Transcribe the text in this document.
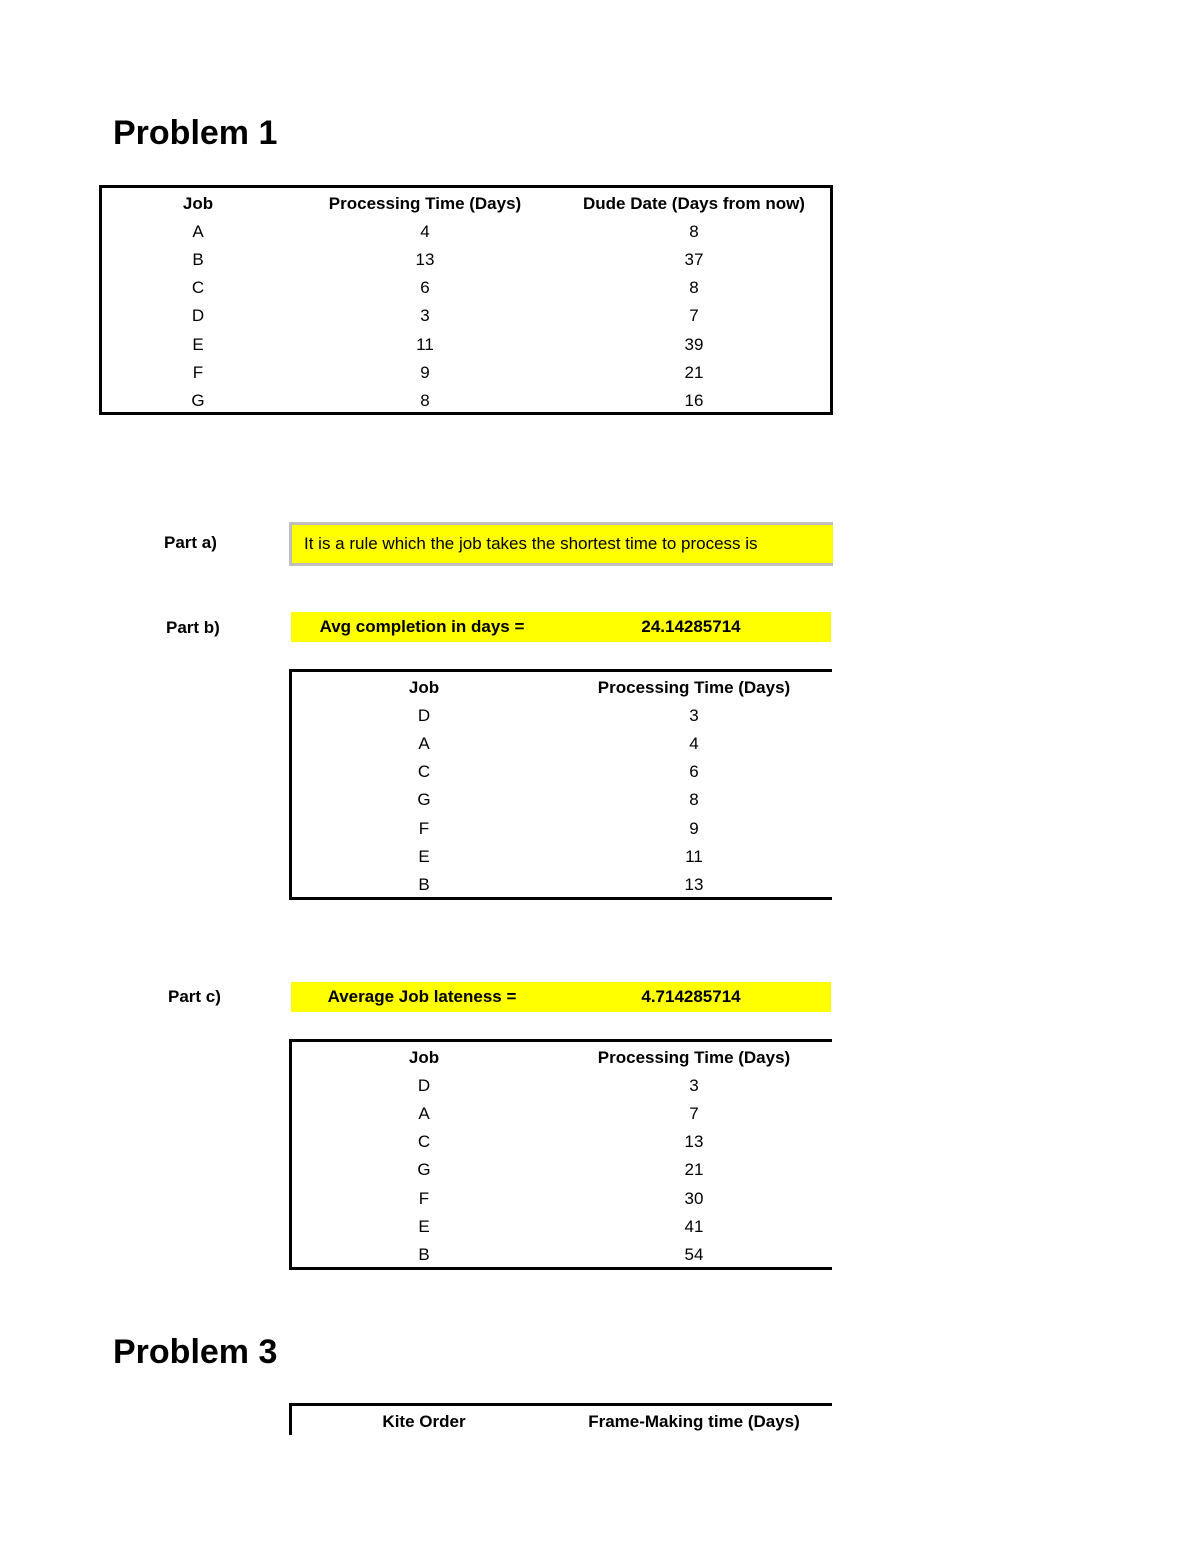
Problem 1
Job	Processing Time (Days)	Dude Date (Days from now)
A	4	8
B	13	37
C	6	8
D	3	7
E	11	39
F	9	21
G	8	16
Part a)	It is a rule which the job takes the shortest time to process is
Part b)	Avg completion in days =	24.14285714
Job	Processing Time (Days)
D	3
A	4
C	6
G	8
F	9
E	11
B	13
Part c)	Average Job lateness =	4.714285714
Job	Processing Time (Days)
D	3
A	7
C	13
G	21
F	30
E	41
B	54
Problem 3
Kite Order	Frame-Making time (Days)
